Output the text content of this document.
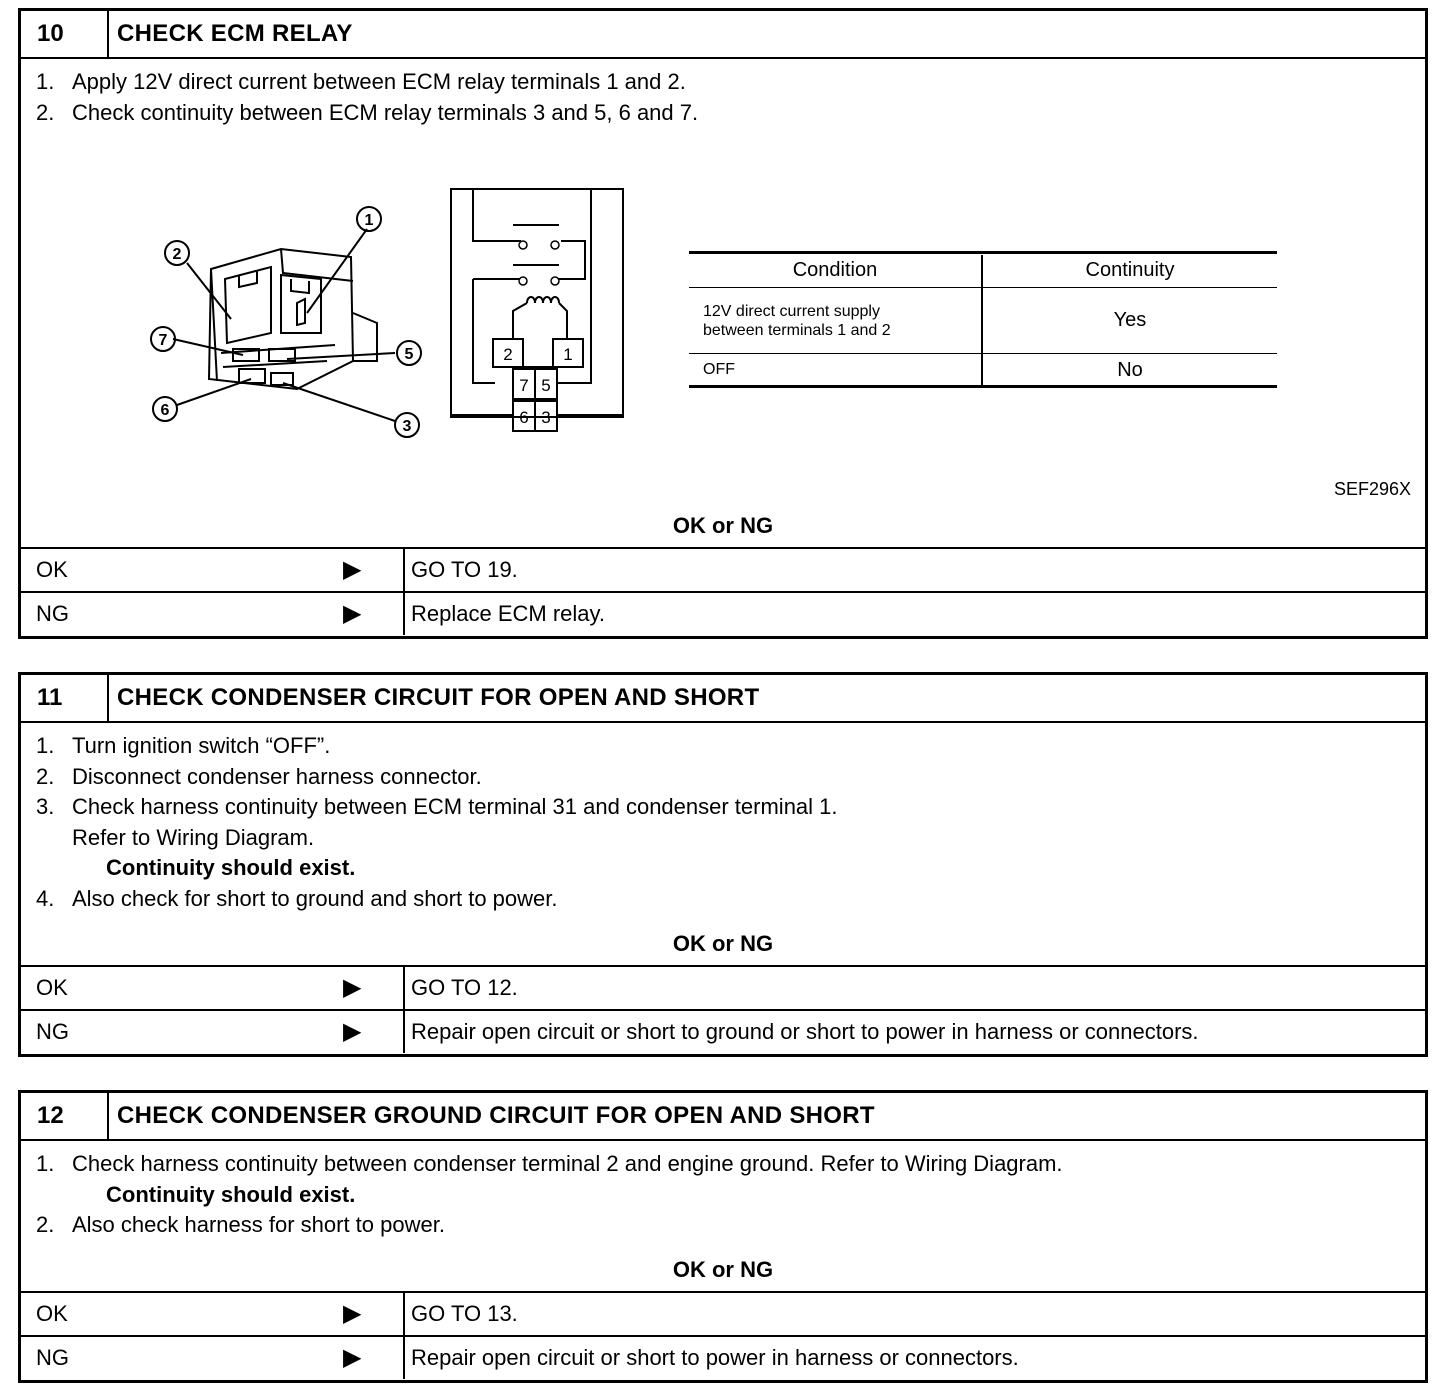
10	CHECK ECM RELAY
1. Apply 12V direct current between ECM relay terminals 1 and 2.
2. Check continuity between ECM relay terminals 3 and 5, 6 and 7.
2
1
7
5
6
3
2	1
7 5
6 3
Condition	Continuity
12V direct current supply
between terminals 1 and 2	Yes
OFF	No
SEF296X
OK or NG
OK	▶ GO TO 19.
NG	▶ Replace ECM relay.
11	CHECK CONDENSER CIRCUIT FOR OPEN AND SHORT
1. Turn ignition switch “OFF”.
2. Disconnect condenser harness connector.
3. Check harness continuity between ECM terminal 31 and condenser terminal 1.
Refer to Wiring Diagram.
Continuity should exist.
4. Also check for short to ground and short to power.
OK or NG
OK	▶ GO TO 12.
NG	▶ Repair open circuit or short to ground or short to power in harness or connectors.
12	CHECK CONDENSER GROUND CIRCUIT FOR OPEN AND SHORT
1. Check harness continuity between condenser terminal 2 and engine ground. Refer to Wiring Diagram.
Continuity should exist.
2. Also check harness for short to power.
OK or NG
OK	▶ GO TO 13.
NG	▶ Repair open circuit or short to power in harness or connectors.
